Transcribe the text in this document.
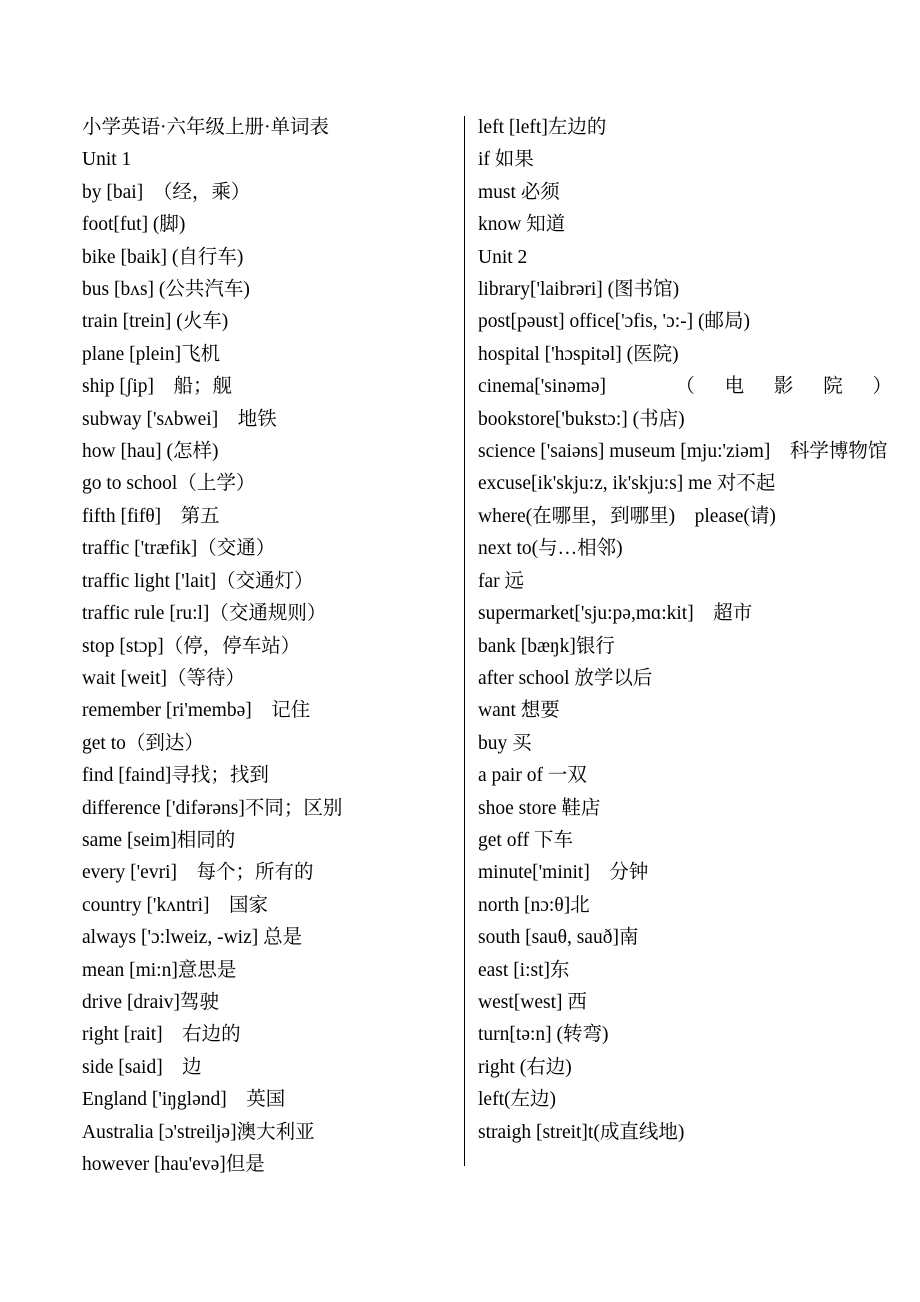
小学英语·六年级上册·单词表
Unit 1
by [bai]　（经，乘）
foot[fut] (脚)
bike [baik] (自行车)
bus [bʌs] (公共汽车)
train [trein] (火车)
plane [plein]飞机
ship [ʃip]　船；舰
subway ['sʌbwei]　地铁
how [hau] (怎样)
go to school（上学）
fifth [fifθ]　第五
traffic ['træfik]（交通）
traffic light ['lait]（交通灯）
traffic rule [ru:l]（交通规则）
stop [stɔp]（停，停车站）
wait [weit]（等待）
remember [ri'membə]　记住
get to（到达）
find [faind]寻找；找到
difference ['difərəns]不同；区别
same [seim]相同的
every ['evri]　每个；所有的
country ['kʌntri]　国家
always ['ɔ:lweiz, -wiz] 总是
mean [mi:n]意思是
drive [draiv]驾驶
right [rait]　右边的
side [said]　边
England ['iŋglənd]　英国
Australia [ɔ'streiljə]澳大利亚
however [hau'evə]但是
left [left]左边的
if 如果
must 必须
know 知道
Unit 2
library['laibrəri] (图书馆)
post[pəust] office['ɔfis, 'ɔ:-] (邮局)
hospital ['hɔspitəl] (医院)
cinema['sinəmə]　（电影院）
bookstore['bukstɔ:] (书店)
science ['saiəns] museum [mju:'ziəm]　科学博物馆
excuse[ik'skju:z, ik'skju:s] me 对不起
where(在哪里，到哪里)　please(请)
next to(与…相邻)
far 远
supermarket['sju:pə,mɑ:kit]　超市
bank [bæŋk]银行
after school 放学以后
want 想要
buy 买
a pair of 一双
shoe store 鞋店
get off 下车
minute['minit]　分钟
north [nɔ:θ]北
south [sauθ, sauð]南
east [i:st]东
west[west] 西
turn[tə:n] (转弯)
right (右边)
left(左边)
straigh [streit]t(成直线地)
